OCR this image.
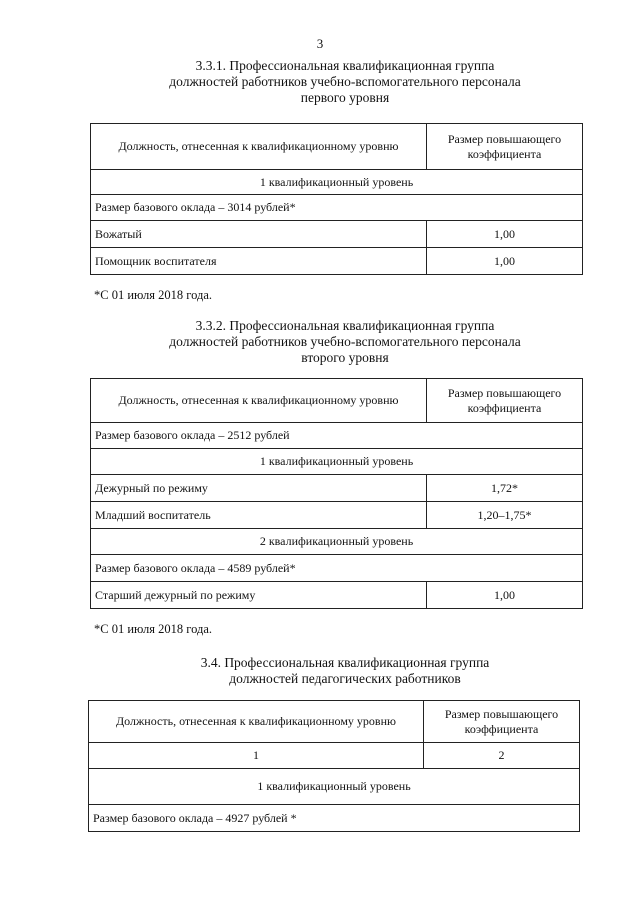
3
3.3.1. Профессиональная квалификационная группа
должностей работников учебно-вспомогательного персонала
первого уровня
Должность, отнесенная к квалификационному уровню	Размер повышающего коэффициента
1 квалификационный уровень	
Размер базового оклада – 3014 рублей*	
Вожатый	1,00
Помощник воспитателя	1,00
*С 01 июля 2018 года.
3.3.2. Профессиональная квалификационная группа
должностей работников учебно-вспомогательного персонала
второго уровня
Должность, отнесенная к квалификационному уровню	Размер повышающего коэффициента
Размер базового оклада – 2512 рублей	
1 квалификационный уровень	
Дежурный по режиму	1,72*
Младший воспитатель	1,20–1,75*
2 квалификационный уровень	
Размер базового оклада – 4589 рублей*	
Старший дежурный по режиму	1,00
*С 01 июля 2018 года.
3.4. Профессиональная квалификационная группа
должностей педагогических работников
Должность, отнесенная к квалификационному уровню	Размер повышающего коэффициента
1	2
1 квалификационный уровень	
Размер базового оклада – 4927 рублей *	
